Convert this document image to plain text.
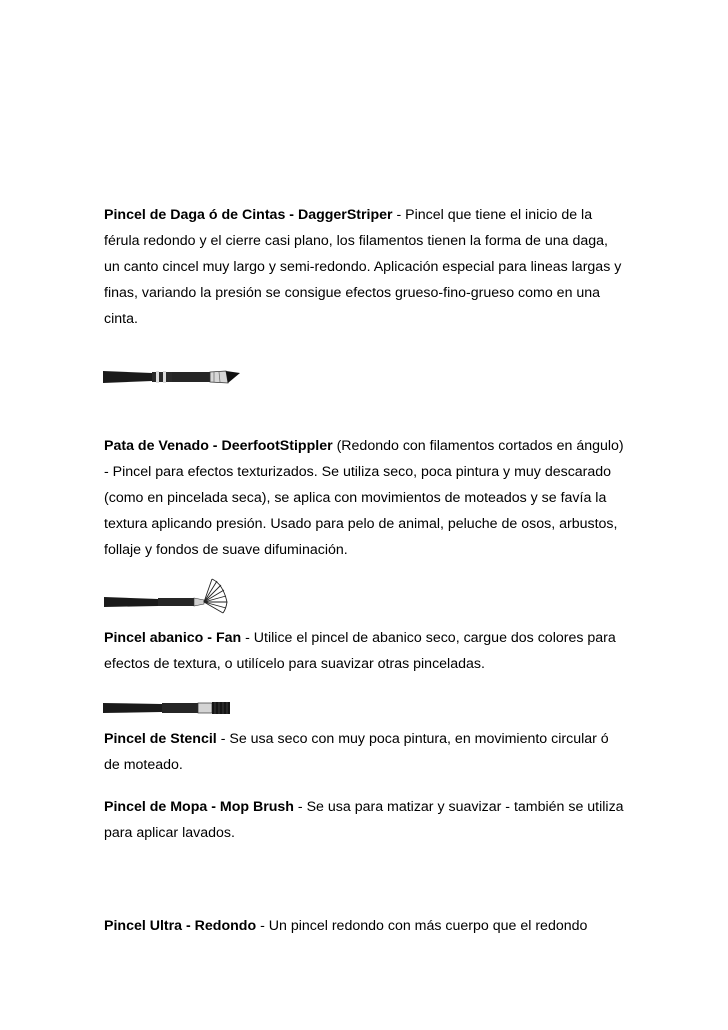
Pincel de Daga ó de Cintas - DaggerStriper - Pincel que tiene el inicio de la férula redondo y el cierre casi plano, los filamentos tienen la forma de una daga, un canto cincel muy largo y semi-redondo. Aplicación especial para lineas largas y finas, variando la presión se consigue efectos grueso-fino-grueso como en una cinta.

Pata de Venado - DeerfootStippler (Redondo con filamentos cortados en ángulo) - Pincel para efectos texturizados. Se utiliza seco, poca pintura y muy descarado (como en pincelada seca), se aplica con movimientos de moteados y se favía la textura aplicando presión. Usado para pelo de animal, peluche de osos, arbustos, follaje y fondos de suave difuminación.

Pincel abanico - Fan - Utilice el pincel de abanico seco, cargue dos colores para efectos de textura, o utilícelo para suavizar otras pinceladas.

Pincel de Stencil - Se usa seco con muy poca pintura, en movimiento circular ó de moteado.

Pincel de Mopa - Mop Brush - Se usa para matizar y suavizar - también se utiliza para aplicar lavados.

Pincel Ultra - Redondo - Un pincel redondo con más cuerpo que el redondo
